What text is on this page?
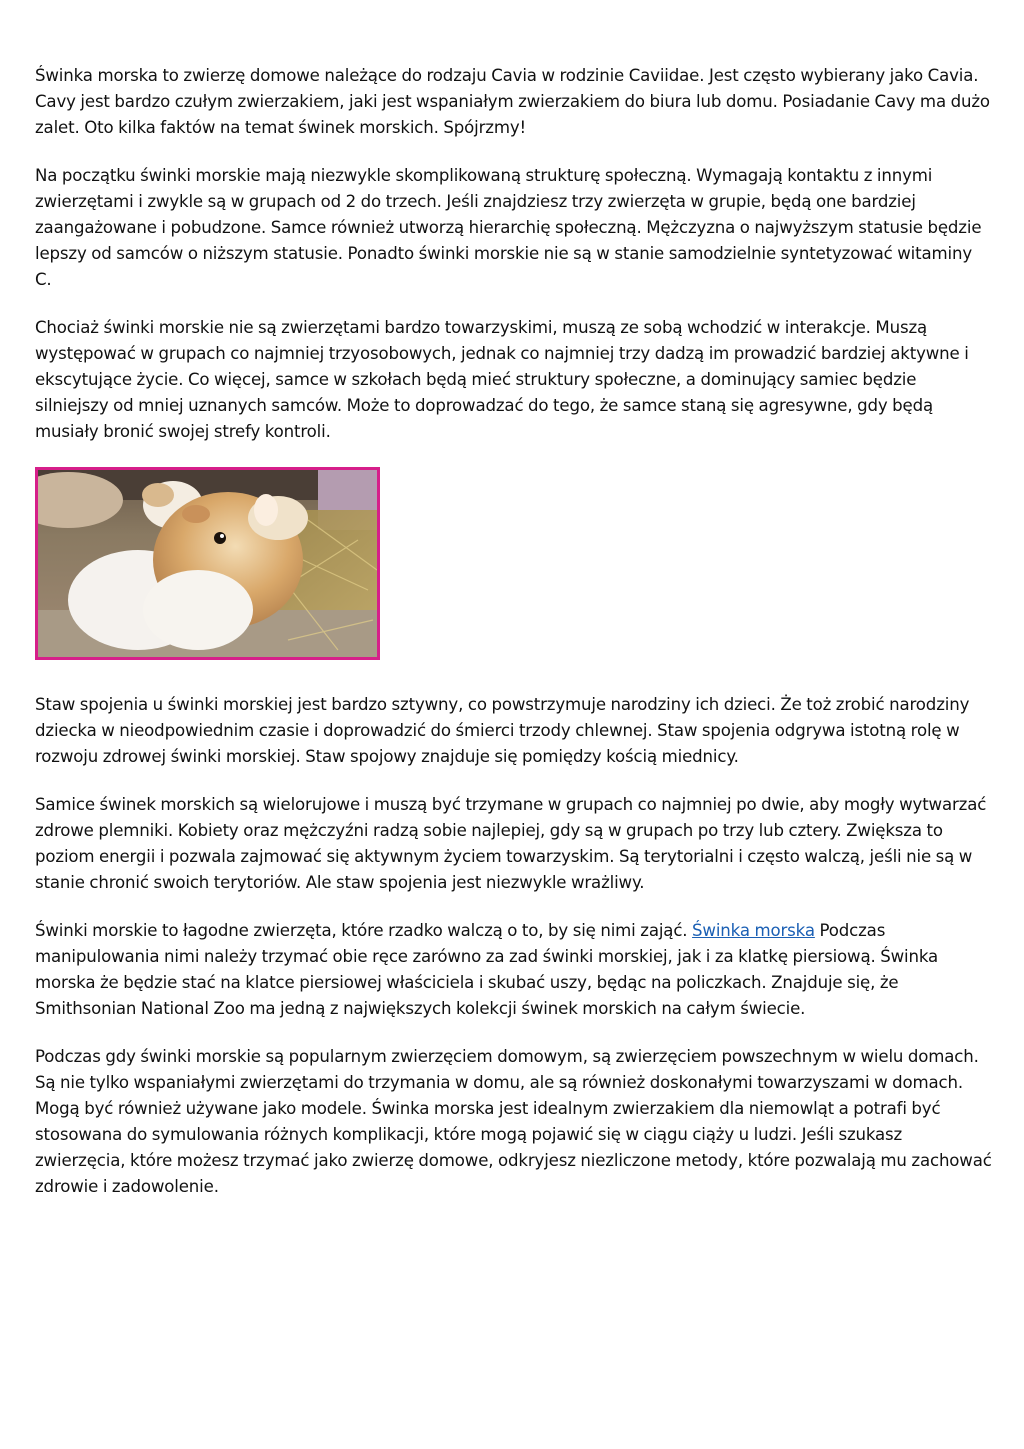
Świnka morska to zwierzę domowe należące do rodzaju Cavia w rodzinie Caviidae. Jest często wybierany jako Cavia. Cavy jest bardzo czułym zwierzakiem, jaki jest wspaniałym zwierzakiem do biura lub domu. Posiadanie Cavy ma dużo zalet. Oto kilka faktów na temat świnek morskich. Spójrzmy!

Na początku świnki morskie mają niezwykle skomplikowaną strukturę społeczną. Wymagają kontaktu z innymi zwierzętami i zwykle są w grupach od 2 do trzech. Jeśli znajdziesz trzy zwierzęta w grupie, będą one bardziej zaangażowane i pobudzone. Samce również utworzą hierarchię społeczną. Mężczyzna o najwyższym statusie będzie lepszy od samców o niższym statusie. Ponadto świnki morskie nie są w stanie samodzielnie syntetyzować witaminy C.

Chociaż świnki morskie nie są zwierzętami bardzo towarzyskimi, muszą ze sobą wchodzić w interakcje. Muszą występować w grupach co najmniej trzyosobowych, jednak co najmniej trzy dadzą im prowadzić bardziej aktywne i ekscytujące życie. Co więcej, samce w szkołach będą mieć struktury społeczne, a dominujący samiec będzie silniejszy od mniej uznanych samców. Może to doprowadzać do tego, że samce staną się agresywne, gdy będą musiały bronić swojej strefy kontroli.

Staw spojenia u świnki morskiej jest bardzo sztywny, co powstrzymuje narodziny ich dzieci. Że toż zrobić narodziny dziecka w nieodpowiednim czasie i doprowadzić do śmierci trzody chlewnej. Staw spojenia odgrywa istotną rolę w rozwoju zdrowej świnki morskiej. Staw spojowy znajduje się pomiędzy kością miednicy.

Samice świnek morskich są wielorujowe i muszą być trzymane w grupach co najmniej po dwie, aby mogły wytwarzać zdrowe plemniki. Kobiety oraz mężczyźni radzą sobie najlepiej, gdy są w grupach po trzy lub cztery. Zwiększa to poziom energii i pozwala zajmować się aktywnym życiem towarzyskim. Są terytorialni i często walczą, jeśli nie są w stanie chronić swoich terytoriów. Ale staw spojenia jest niezwykle wrażliwy.

Świnki morskie to łagodne zwierzęta, które rzadko walczą o to, by się nimi zająć. Świnka morska Podczas manipulowania nimi należy trzymać obie ręce zarówno za zad świnki morskiej, jak i za klatkę piersiową. Świnka morska że będzie stać na klatce piersiowej właściciela i skubać uszy, będąc na policzkach. Znajduje się, że Smithsonian National Zoo ma jedną z największych kolekcji świnek morskich na całym świecie.

Podczas gdy świnki morskie są popularnym zwierzęciem domowym, są zwierzęciem powszechnym w wielu domach. Są nie tylko wspaniałymi zwierzętami do trzymania w domu, ale są również doskonałymi towarzyszami w domach. Mogą być również używane jako modele. Świnka morska jest idealnym zwierzakiem dla niemowląt a potrafi być stosowana do symulowania różnych komplikacji, które mogą pojawić się w ciągu ciąży u ludzi. Jeśli szukasz zwierzęcia, które możesz trzymać jako zwierzę domowe, odkryjesz niezliczone metody, które pozwalają mu zachować zdrowie i zadowolenie.
